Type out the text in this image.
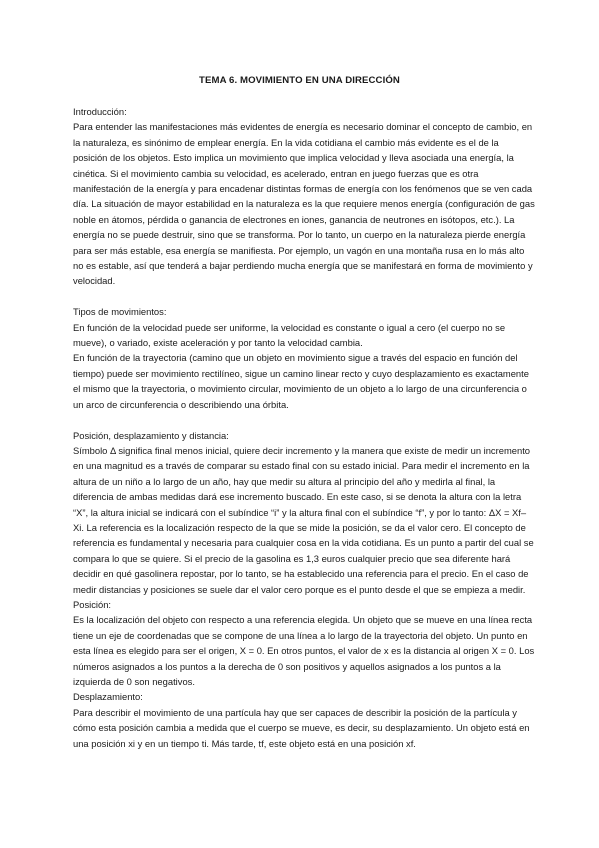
TEMA 6. MOVIMIENTO EN UNA DIRECCIÓN

Introducción:

Para entender las manifestaciones más evidentes de energía es necesario dominar el concepto de cambio, en la naturaleza, es sinónimo de emplear energía. En la vida cotidiana el cambio más evidente es el de la posición de los objetos. Esto implica un movimiento que implica velocidad y lleva asociada una energía, la cinética. Si el movimiento cambia su velocidad, es acelerado, entran en juego fuerzas que es otra manifestación de la energía y para encadenar distintas formas de energía con los fenómenos que se ven cada día. La situación de mayor estabilidad en la naturaleza es la que requiere menos energía (configuración de gas noble en átomos, pérdida o ganancia de electrones en iones, ganancia de neutrones en isótopos, etc.). La energía no se puede destruir, sino que se transforma. Por lo tanto, un cuerpo en la naturaleza pierde energía para ser más estable, esa energía se manifiesta. Por ejemplo, un vagón en una montaña rusa en lo más alto no es estable, así que tenderá a bajar perdiendo mucha energía que se manifestará en forma de movimiento y velocidad.

Tipos de movimientos:

En función de la velocidad puede ser uniforme, la velocidad es constante o igual a cero (el cuerpo no se mueve), o variado, existe aceleración y por tanto la velocidad cambia.

En función de la trayectoria (camino que un objeto en movimiento sigue a través del espacio en función del tiempo) puede ser movimiento rectilíneo, sigue un camino linear recto y cuyo desplazamiento es exactamente el mismo que la trayectoria, o movimiento circular, movimiento de un objeto a lo largo de una circunferencia o un arco de circunferencia o describiendo una órbita.

Posición, desplazamiento y distancia:

Símbolo Δ significa final menos inicial, quiere decir incremento y la manera que existe de medir un incremento en una magnitud es a través de comparar su estado final con su estado inicial. Para medir el incremento en la altura de un niño a lo largo de un año, hay que medir su altura al principio del año y medirla al final, la diferencia de ambas medidas dará ese incremento buscado. En este caso, si se denota la altura con la letra “X”, la altura inicial se indicará con el subíndice “i” y la altura final con el subíndice “f”, y por lo tanto: ΔX = Xf– Xi. La referencia es la localización respecto de la que se mide la posición, se da el valor cero. El concepto de referencia es fundamental y necesaria para cualquier cosa en la vida cotidiana. Es un punto a partir del cual se compara lo que se quiere. Si el precio de la gasolina es 1,3 euros cualquier precio que sea diferente hará decidir en qué gasolinera repostar, por lo tanto, se ha establecido una referencia para el precio. En el caso de medir distancias y posiciones se suele dar el valor cero porque es el punto desde el que se empieza a medir.

Posición:

Es la localización del objeto con respecto a una referencia elegida. Un objeto que se mueve en una línea recta tiene un eje de coordenadas que se compone de una línea a lo largo de la trayectoria del objeto. Un punto en esta línea es elegido para ser el origen, X = 0. En otros puntos, el valor de x es la distancia al origen X = 0. Los números asignados a los puntos a la derecha de 0 son positivos y aquellos asignados a los puntos a la izquierda de 0 son negativos.

Desplazamiento:

Para describir el movimiento de una partícula hay que ser capaces de describir la posición de la partícula y cómo esta posición cambia a medida que el cuerpo se mueve, es decir, su desplazamiento. Un objeto está en una posición xi y en un tiempo ti. Más tarde, tf, este objeto está en una posición xf.
